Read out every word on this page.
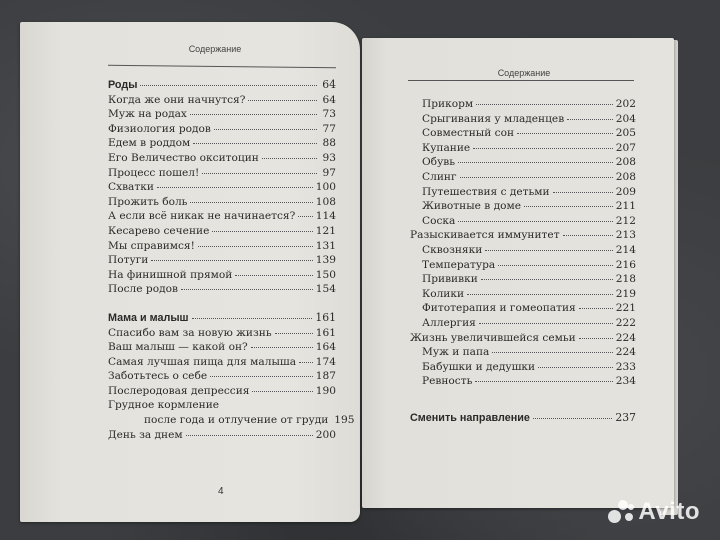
Содержание
Роды	64
Когда же они начнутся?	64
Муж на родах	73
Физиология родов	77
Едем в роддом	88
Его Величество окситоцин	93
Процесс пошел!	97
Схватки	100
Прожить боль	108
А если всё никак не начинается? 114
Кесарево сечение	121
Мы справимся!	131
Потуги	139
На финишной прямой	150
После родов	154
Мама и малыш	161
Спасибо вам за новую жизнь	161
Ваш малыш — какой он?	164
Самая лучшая пища для малыша 174
Заботьтесь о себе	187
Послеродовая депрессия	190
Грудное кормление
после года и отлучение от груди 195
День за днем	200
4
Содержание
Прикорм	202
Срыгивания у младенцев	204
Совместный сон	205
Купание	207
Обувь	208
Слинг	208
Путешествия с детьми	209
Животные в доме	211
Соска	212
Разыскивается иммунитет	213
Сквозняки	214
Температура	216
Прививки	218
Колики	219
Фитотерапия и гомеопатия	221
Аллергия	222
Жизнь увеличившейся семьи	224
Муж и папа	224
Бабушки и дедушки	233
Ревность	234
Сменить направление	237
Avito
